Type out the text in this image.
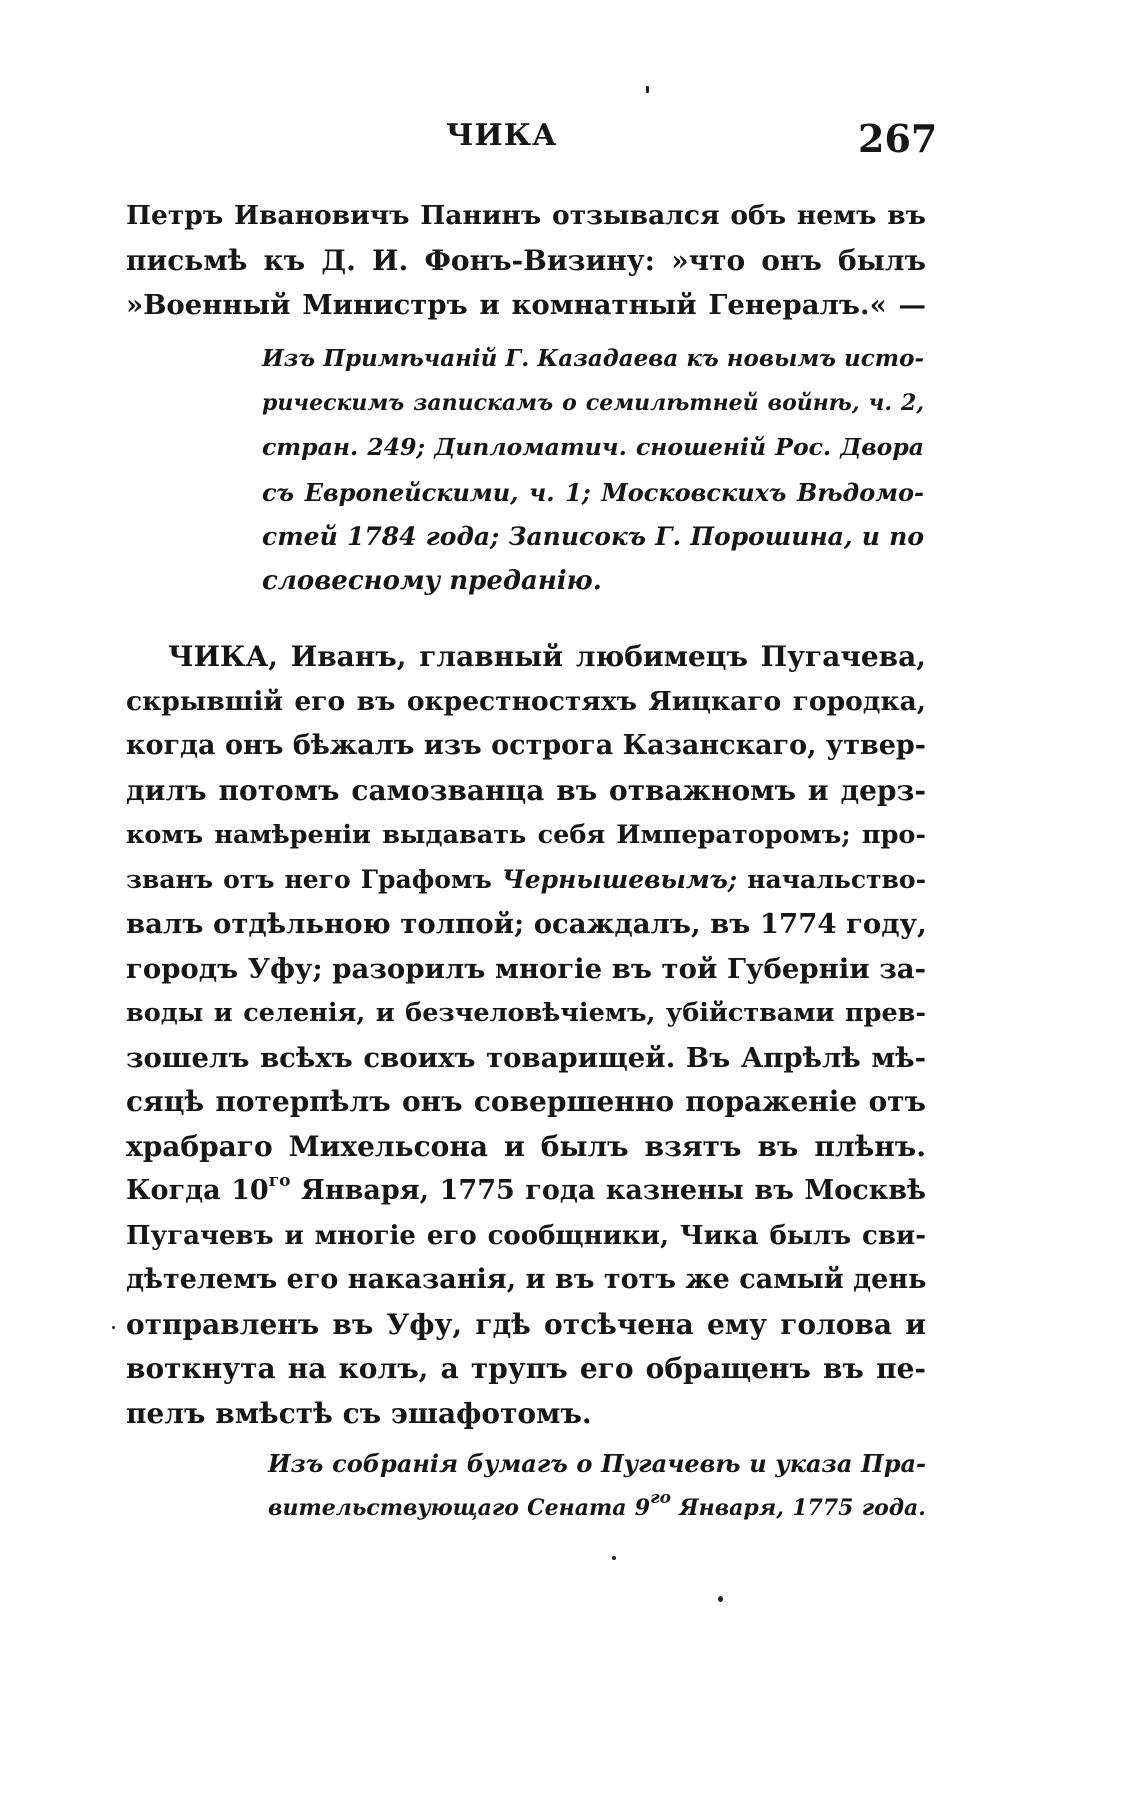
ЧИКА	267
Петръ Ивановичъ Панинъ отзывался объ немъ въ
письмѣ къ Д. И. Фонъ-Визину: »что онъ былъ
»Военный Министръ и комнатный Генералъ.« —
Изъ Примѣчаній Г. Казадаева къ новымъ исто-
рическимъ запискамъ о семилѣтней войнѣ, ч. 2,
стран. 249; Дипломатич. сношеній Рос. Двора
съ Европейскими, ч. 1; Московскихъ Вѣдомо-
стей 1784 года; Записокъ Г. Порошина, и по
словесному преданію.
ЧИКА, Иванъ, главный любимецъ Пугачева,
скрывшій его въ окрестностяхъ Яицкаго городка,
когда онъ бѣжалъ изъ острога Казанскаго, утвер-
дилъ потомъ самозванца въ отважномъ и дерз-
комъ намѣреніи выдавать себя Императоромъ; про-
званъ отъ него Графомъ Чернышевымъ; начальство-
валъ отдѣльною толпой; осаждалъ, въ 1774 году,
городъ Уфу; разорилъ многіе въ той Губерніи за-
воды и селенія, и безчеловѣчіемъ, убійствами прев-
зошелъ всѣхъ своихъ товарищей. Въ Апрѣлѣ мѣ-
сяцѣ потерпѣлъ онъ совершенно пораженіе отъ
храбраго Михельсона и былъ взятъ въ плѣнъ.
Когда $10^{го}$ Января, 1775 года казнены въ Москвѣ
Пугачевъ и многіе его сообщники, Чика былъ сви-
дѣтелемъ его наказанія, и въ тотъ же самый день
отправленъ въ Уфу, гдѣ отсѣчена ему голова и
воткнута на колъ, а трупъ его обращенъ въ пе-
пелъ вмѣстѣ съ эшафотомъ.
Изъ собранія бумагъ о Пугачевѣ и указа Пра-
вительствующаго Сената $9^{го}$ Января, 1775 года.
